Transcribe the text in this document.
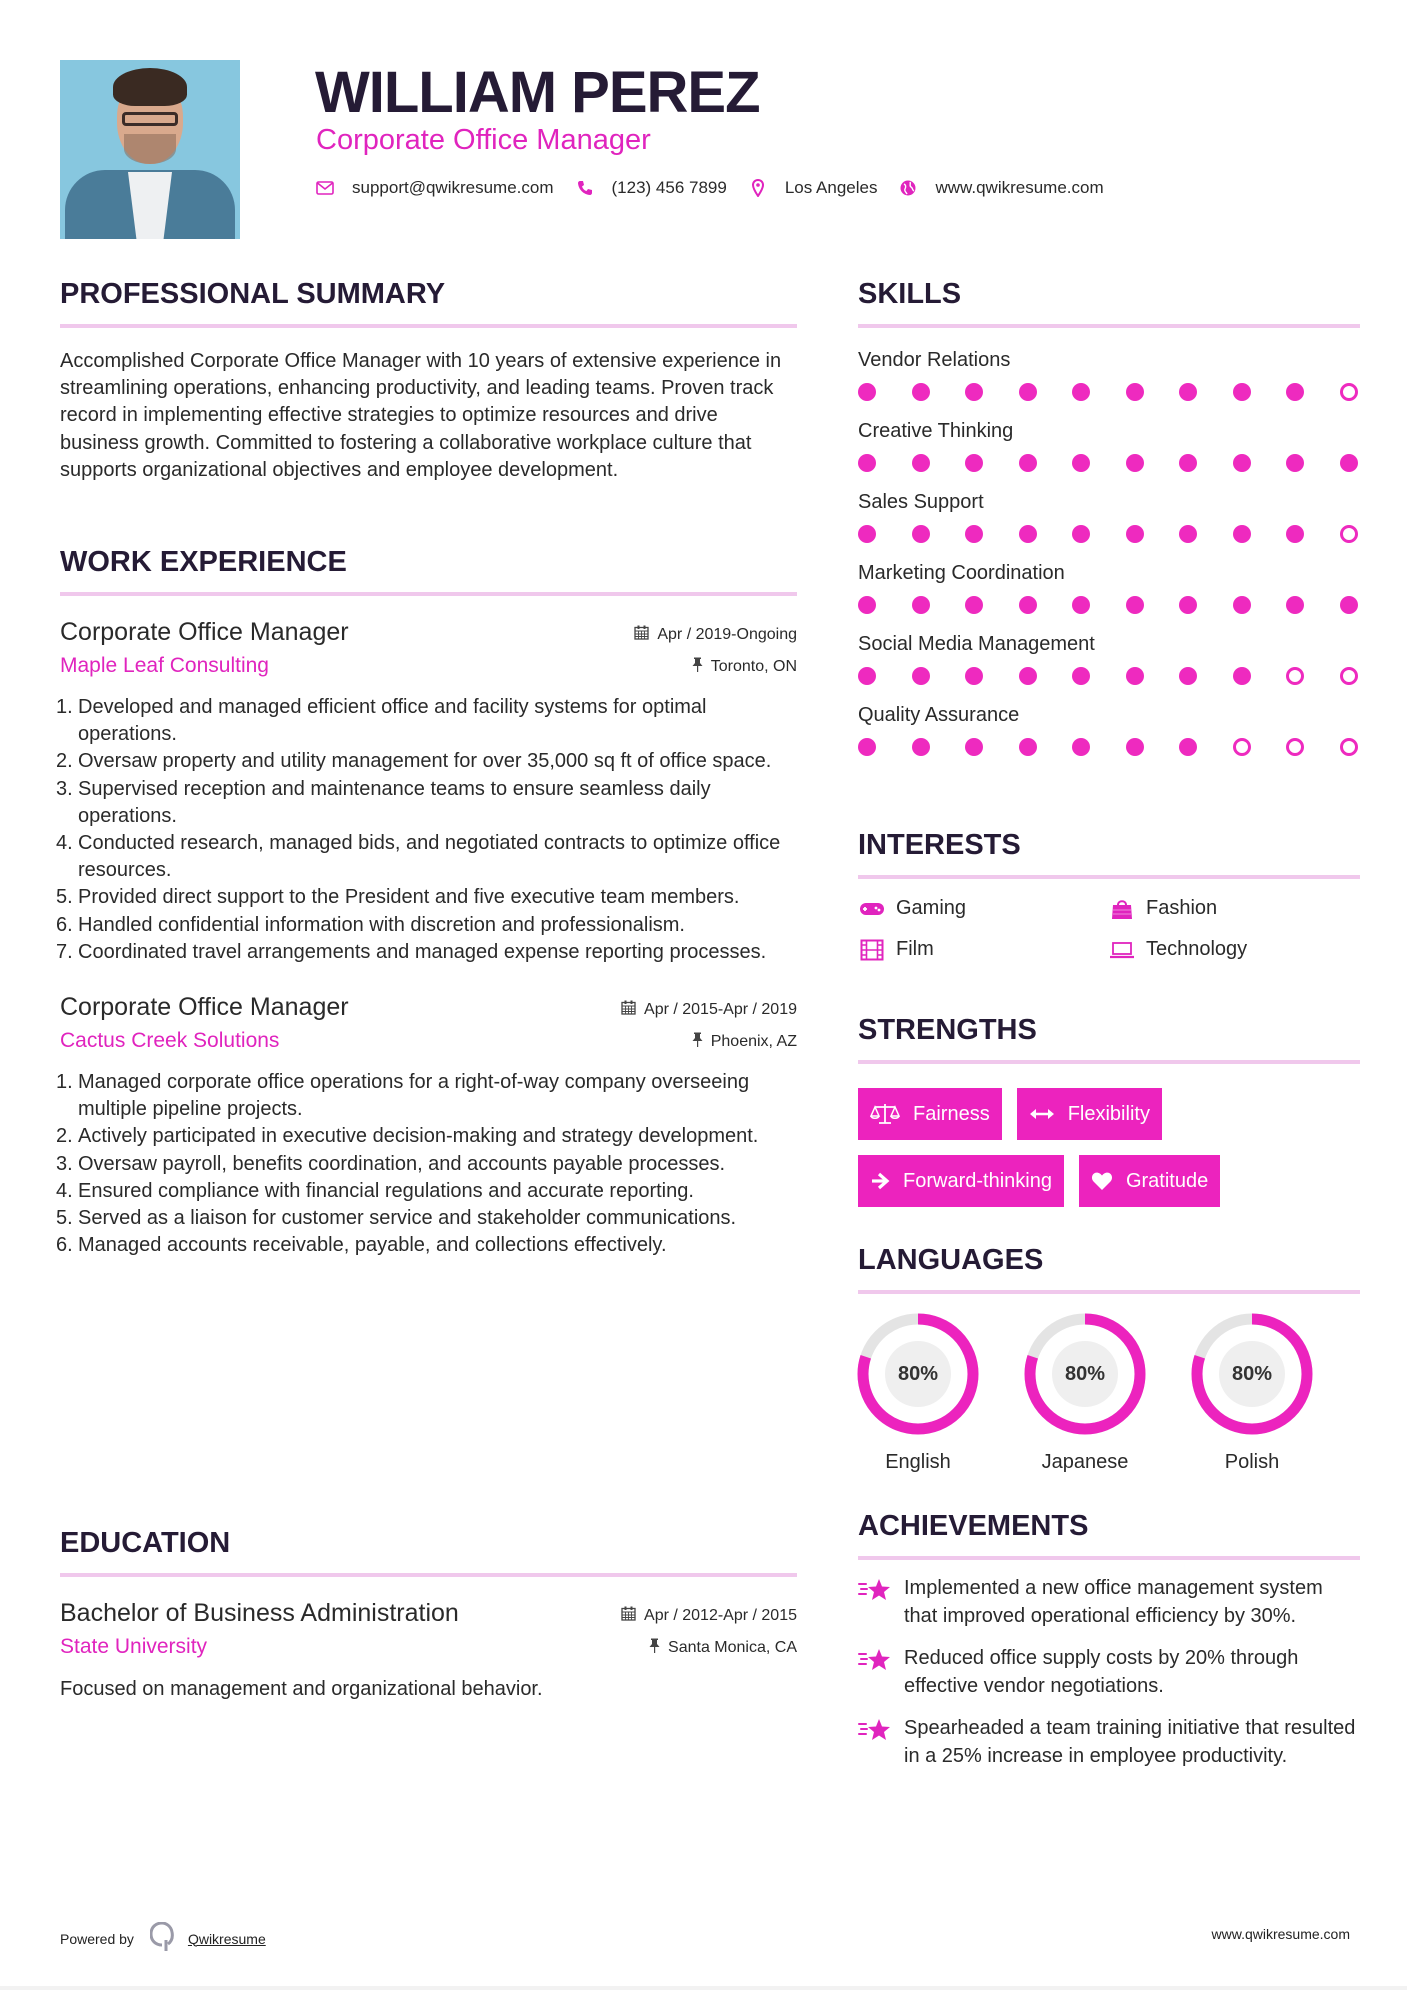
WILLIAM PEREZ
Corporate Office Manager
support@qwikresume.com	(123) 456 7899	Los Angeles	www.qwikresume.com
PROFESSIONAL SUMMARY
Accomplished Corporate Office Manager with 10 years of extensive experience in streamlining operations, enhancing productivity, and leading teams. Proven track record in implementing effective strategies to optimize resources and drive business growth. Committed to fostering a collaborative workplace culture that supports organizational objectives and employee development.
WORK EXPERIENCE
Corporate Office Manager	Apr / 2019-Ongoing
Maple Leaf Consulting	Toronto, ON
1. Developed and managed efficient office and facility systems for optimal operations.
2. Oversaw property and utility management for over 35,000 sq ft of office space.
3. Supervised reception and maintenance teams to ensure seamless daily operations.
4. Conducted research, managed bids, and negotiated contracts to optimize office resources.
5. Provided direct support to the President and five executive team members.
6. Handled confidential information with discretion and professionalism.
7. Coordinated travel arrangements and managed expense reporting processes.
Corporate Office Manager	Apr / 2015-Apr / 2019
Cactus Creek Solutions	Phoenix, AZ
1. Managed corporate office operations for a right-of-way company overseeing multiple pipeline projects.
2. Actively participated in executive decision-making and strategy development.
3. Oversaw payroll, benefits coordination, and accounts payable processes.
4. Ensured compliance with financial regulations and accurate reporting.
5. Served as a liaison for customer service and stakeholder communications.
6. Managed accounts receivable, payable, and collections effectively.
EDUCATION
Bachelor of Business Administration	Apr / 2012-Apr / 2015
State University	Santa Monica, CA
Focused on management and organizational behavior.
SKILLS
Vendor Relations
Creative Thinking
Sales Support
Marketing Coordination
Social Media Management
Quality Assurance
INTERESTS
Gaming	Fashion
Film	Technology
STRENGTHS
Fairness	Flexibility
Forward-thinking	Gratitude
LANGUAGES
80%
English
80%
Japanese
80%
Polish
ACHIEVEMENTS
Implemented a new office management system that improved operational efficiency by 30%.
Reduced office supply costs by 20% through effective vendor negotiations.
Spearheaded a team training initiative that resulted in a 25% increase in employee productivity.
Powered by	Qwikresume	www.qwikresume.com
